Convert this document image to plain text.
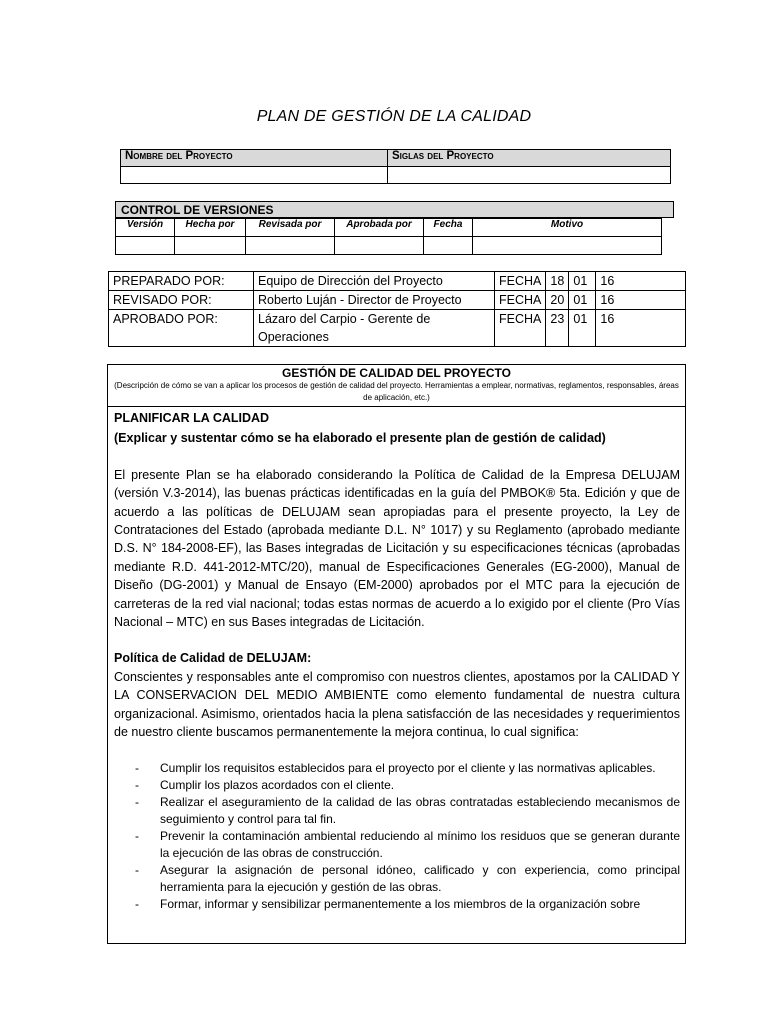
PLAN DE GESTIÓN DE LA CALIDAD
Nombre del Proyecto	Siglas del Proyecto

CONTROL DE VERSIONES
Versión	Hecha por	Revisada por	Aprobada por	Fecha	Motivo

PREPARADO POR:	Equipo de Dirección del Proyecto	FECHA	18	01	16
REVISADO POR:	Roberto Luján - Director de Proyecto	FECHA	20	01	16
APROBADO POR:	Lázaro del Carpio - Gerente de Operaciones	FECHA	23	01	16
GESTIÓN DE CALIDAD DEL PROYECTO
(Descripción de cómo se van a aplicar los procesos de gestión de calidad del proyecto. Herramientas a emplear, normativas, reglamentos, responsables, áreas de aplicación, etc.)
PLANIFICAR LA CALIDAD
(Explicar y sustentar cómo se ha elaborado el presente plan de gestión de calidad)
El presente Plan se ha elaborado considerando la Política de Calidad de la Empresa DELUJAM (versión V.3-2014), las buenas prácticas identificadas en la guía del PMBOK® 5ta. Edición y que de acuerdo a las políticas de DELUJAM sean apropiadas para el presente proyecto, la Ley de Contrataciones del Estado (aprobada mediante D.L. N° 1017) y su Reglamento (aprobado mediante D.S. N° 184-2008-EF), las Bases integradas de Licitación y su especificaciones técnicas (aprobadas mediante R.D. 441-2012-MTC/20), manual de Especificaciones Generales (EG-2000), Manual de Diseño (DG-2001) y Manual de Ensayo (EM-2000) aprobados por el MTC para la ejecución de carreteras de la red vial nacional; todas estas normas de acuerdo a lo exigido por el cliente (Pro Vías Nacional – MTC) en sus Bases integradas de Licitación.
Política de Calidad de DELUJAM:
Conscientes y responsables ante el compromiso con nuestros clientes, apostamos por la CALIDAD Y LA CONSERVACION DEL MEDIO AMBIENTE como elemento fundamental de nuestra cultura organizacional. Asimismo, orientados hacia la plena satisfacción de las necesidades y requerimientos de nuestro cliente buscamos permanentemente la mejora continua, lo cual significa:
- Cumplir los requisitos establecidos para el proyecto por el cliente y las normativas aplicables.
- Cumplir los plazos acordados con el cliente.
- Realizar el aseguramiento de la calidad de las obras contratadas estableciendo mecanismos de seguimiento y control para tal fin.
- Prevenir la contaminación ambiental reduciendo al mínimo los residuos que se generan durante la ejecución de las obras de construcción.
- Asegurar la asignación de personal idóneo, calificado y con experiencia, como principal herramienta para la ejecución y gestión de las obras.
- Formar, informar y sensibilizar permanentemente a los miembros de la organización sobre
